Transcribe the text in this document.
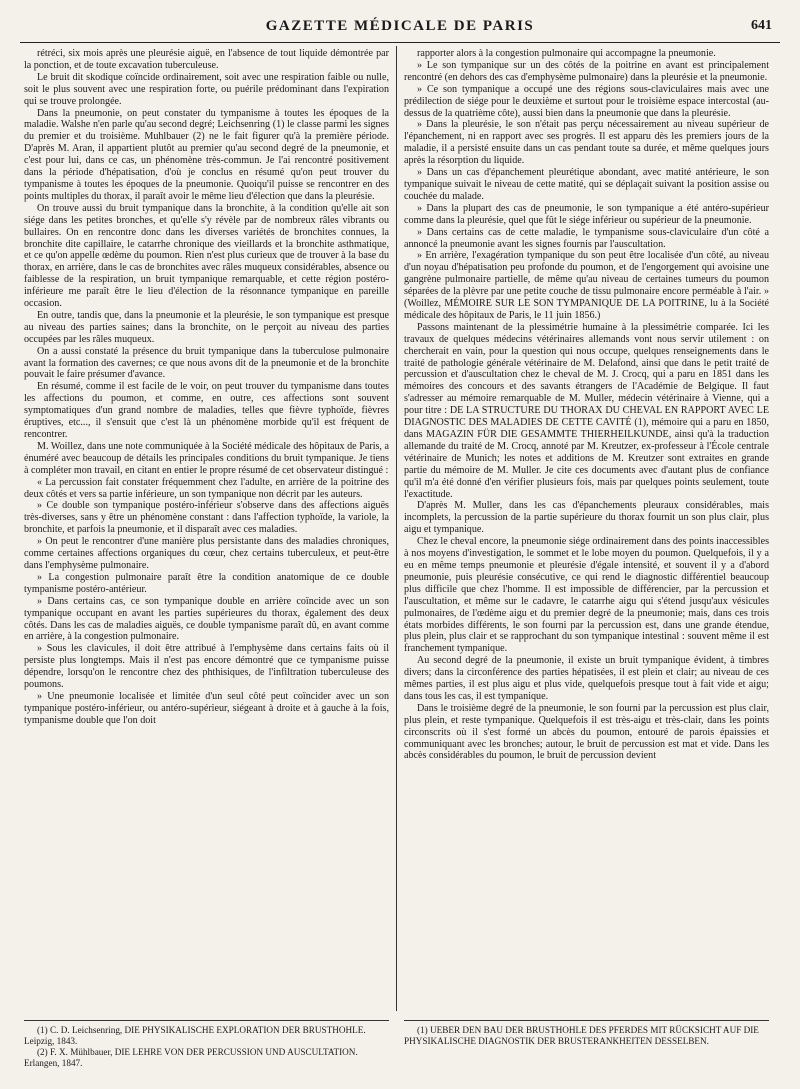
GAZETTE MÉDICALE DE PARIS	641

rétréci, six mois après une pleurésie aiguë, en l'absence de tout liquide démontrée par la ponction, et de toute excavation tuberculeuse.

Le bruit dit skodique coïncide ordinairement, soit avec une respiration faible ou nulle, soit le plus souvent avec une respiration forte, ou puérile prédominant dans l'expiration qui se trouve prolongée.

Dans la pneumonie, on peut constater du tympanisme à toutes les époques de la maladie. Walshe n'en parle qu'au second degré; Leichsenring (1) le classe parmi les signes du premier et du troisième. Muhlbauer (2) ne le fait figurer qu'à la première période. D'après M. Aran, il appartient plutôt au premier qu'au second degré de la pneumonie, et c'est pour lui, dans ce cas, un phénomène très-commun. Je l'ai rencontré positivement dans la période d'hépatisation, d'où je conclus en résumé qu'on peut trouver du tympanisme à toutes les époques de la pneumonie. Quoiqu'il puisse se rencontrer en des points multiples du thorax, il paraît avoir le même lieu d'élection que dans la pleurésie.

On trouve aussi du bruit tympanique dans la bronchite, à la condition qu'elle ait son siége dans les petites bronches, et qu'elle s'y révèle par de nombreux râles vibrants ou bullaires. On en rencontre donc dans les diverses variétés de bronchites connues, la bronchite dite capillaire, le catarrhe chronique des vieillards et la bronchite asthmatique, et ce qu'on appelle œdème du poumon. Rien n'est plus curieux que de trouver à la base du thorax, en arrière, dans le cas de bronchites avec râles muqueux considérables, absence ou faiblesse de la respiration, un bruit tympanique remarquable, et cette région postéro-inférieure me paraît être le lieu d'élection de la résonnance tympanique en pareille occasion.

En outre, tandis que, dans la pneumonie et la pleurésie, le son tympanique est presque au niveau des parties saines; dans la bronchite, on le perçoit au niveau des parties occupées par les râles muqueux.

On a aussi constaté la présence du bruit tympanique dans la tuberculose pulmonaire avant la formation des cavernes; ce que nous avons dit de la pneumonie et de la bronchite pouvait le faire présumer d'avance.

En résumé, comme il est facile de le voir, on peut trouver du tympanisme dans toutes les affections du poumon, et comme, en outre, ces affections sont souvent symptomatiques d'un grand nombre de maladies, telles que fièvre typhoïde, fièvres éruptives, etc..., il s'ensuit que c'est là un phénomène morbide qu'il est fréquent de rencontrer.

M. Woillez, dans une note communiquée à la Société médicale des hôpitaux de Paris, a énuméré avec beaucoup de détails les principales conditions du bruit tympanique. Je tiens à compléter mon travail, en citant en entier le propre résumé de cet observateur distingué :

« La percussion fait constater fréquemment chez l'adulte, en arrière de la poitrine des deux côtés et vers sa partie inférieure, un son tympanique non décrit par les auteurs.

» Ce double son tympanique postéro-inférieur s'observe dans des affections aiguës très-diverses, sans y être un phénomène constant : dans l'affection typhoïde, la variole, la bronchite, et parfois la pneumonie, et il disparaît avec ces maladies.

» On peut le rencontrer d'une manière plus persistante dans des maladies chroniques, comme certaines affections organiques du cœur, chez certains tuberculeux, et peut-être dans l'emphysème pulmonaire.

» La congestion pulmonaire paraît être la condition anatomique de ce double tympanisme postéro-antérieur.

» Dans certains cas, ce son tympanique double en arrière coïncide avec un son tympanique occupant en avant les parties supérieures du thorax, également des deux côtés. Dans les cas de maladies aiguës, ce double tympanisme paraît dû, en avant comme en arrière, à la congestion pulmonaire.

» Sous les clavicules, il doit être attribué à l'emphysème dans certains faits où il persiste plus longtemps. Mais il n'est pas encore démontré que ce tympanisme puisse dépendre, lorsqu'on le rencontre chez des phthisiques, de l'infiltration tuberculeuse des poumons.

» Une pneumonie localisée et limitée d'un seul côté peut coïncider avec un son tympanique postéro-inférieur, ou antéro-supérieur, siégeant à droite et à gauche à la fois, tympanisme double que l'on doit

rapporter alors à la congestion pulmonaire qui accompagne la pneumonie.

» Le son tympanique sur un des côtés de la poitrine en avant est principalement rencontré (en dehors des cas d'emphysème pulmonaire) dans la pleurésie et la pneumonie.

» Ce son tympanique a occupé une des régions sous-claviculaires mais avec une prédilection de siége pour le deuxième et surtout pour le troisième espace intercostal (au-dessus de la quatrième côte), aussi bien dans la pneumonie que dans la pleurésie.

» Dans la pleurésie, le son n'était pas perçu nécessairement au niveau supérieur de l'épanchement, ni en rapport avec ses progrès. Il est apparu dès les premiers jours de la maladie, il a persisté ensuite dans un cas pendant toute sa durée, et même quelques jours après la résorption du liquide.

» Dans un cas d'épanchement pleurétique abondant, avec matité antérieure, le son tympanique suivait le niveau de cette matité, qui se déplaçait suivant la position assise ou couchée du malade.

» Dans la plupart des cas de pneumonie, le son tympanique a été antéro-supérieur comme dans la pleurésie, quel que fût le siége inférieur ou supérieur de la pneumonie.

» Dans certains cas de cette maladie, le tympanisme sous-claviculaire d'un côté a annoncé la pneumonie avant les signes fournis par l'auscultation.

» En arrière, l'exagération tympanique du son peut être localisée d'un côté, au niveau d'un noyau d'hépatisation peu profonde du poumon, et de l'engorgement qui avoisine une gangrène pulmonaire partielle, de même qu'au niveau de certaines tumeurs du poumon séparées de la plèvre par une petite couche de tissu pulmonaire encore perméable à l'air. » (Woillez, MÉMOIRE SUR LE SON TYMPANIQUE DE LA POITRINE, lu à la Société médicale des hôpitaux de Paris, le 11 juin 1856.)

Passons maintenant de la plessimétrie humaine à la plessimétrie comparée. Ici les travaux de quelques médecins vétérinaires allemands vont nous servir utilement : on chercherait en vain, pour la question qui nous occupe, quelques renseignements dans le traité de pathologie générale vétérinaire de M. Delafond, ainsi que dans le petit traité de percussion et d'auscultation chez le cheval de M. J. Crocq, qui a paru en 1851 dans les mémoires des concours et des savants étrangers de l'Académie de Belgique. Il faut s'adresser au mémoire remarquable de M. Muller, médecin vétérinaire à Vienne, qui a pour titre : DE LA STRUCTURE DU THORAX DU CHEVAL EN RAPPORT AVEC LE DIAGNOSTIC DES MALADIES DE CETTE CAVITÉ (1), mémoire qui a paru en 1850, dans MAGAZIN FÜR DIE GESAMMTE THIERHEILKUNDE, ainsi qu'à la traduction allemande du traité de M. Crocq, annoté par M. Kreutzer, ex-professeur à l'École centrale vétérinaire de Munich; les notes et additions de M. Kreutzer sont extraites en grande partie du mémoire de M. Muller. Je cite ces documents avec d'autant plus de confiance qu'il m'a été donné d'en vérifier plusieurs fois, mais par quelques points seulement, toute l'exactitude.

D'après M. Muller, dans les cas d'épanchements pleuraux considérables, mais incomplets, la percussion de la partie supérieure du thorax fournit un son plus clair, plus aigu et tympanique.

Chez le cheval encore, la pneumonie siége ordinairement dans des points inaccessibles à nos moyens d'investigation, le sommet et le lobe moyen du poumon. Quelquefois, il y a eu en même temps pneumonie et pleurésie d'égale intensité, et souvent il y a d'abord pneumonie, puis pleurésie consécutive, ce qui rend le diagnostic différentiel beaucoup plus difficile que chez l'homme. Il est impossible de différencier, par la percussion et l'auscultation, et même sur le cadavre, le catarrhe aigu qui s'étend jusqu'aux vésicules pulmonaires, de l'œdème aigu et du premier degré de la pneumonie; mais, dans ces trois états morbides différents, le son fourni par la percussion est, dans une grande étendue, plus plein, plus clair et se rapprochant du son tympanique intestinal : souvent même il est franchement tympanique.

Au second degré de la pneumonie, il existe un bruit tympanique évident, à timbres divers; dans la circonférence des parties hépatisées, il est plein et clair; au niveau de ces mêmes parties, il est plus aigu et plus vide, quelquefois presque tout à fait vide et aigu; dans tous les cas, il est tympanique.

Dans le troisième degré de la pneumonie, le son fourni par la percussion est plus clair, plus plein, et reste tympanique. Quelquefois il est très-aigu et très-clair, dans les points circonscrits où il s'est formé un abcès du poumon, entouré de parois épaissies et communiquant avec les bronches; autour, le bruit de percussion est mat et vide. Dans les abcès considérables du poumon, le bruit de percussion devient

(1) C. D. Leichsenring, DIE PHYSIKALISCHE EXPLORATION DER BRUSTHOHLE. Leipzig, 1843.

(2) F. X. Mühlbauer, DIE LEHRE VON DER PERCUSSION UND AUSCULTATION. Erlangen, 1847.

(1) UEBER DEN BAU DER BRUSTHOHLE DES PFERDES MIT RÜCKSICHT AUF DIE PHYSIKALISCHE DIAGNOSTIK DER BRUSTERANKHEITEN DESSELBEN.
